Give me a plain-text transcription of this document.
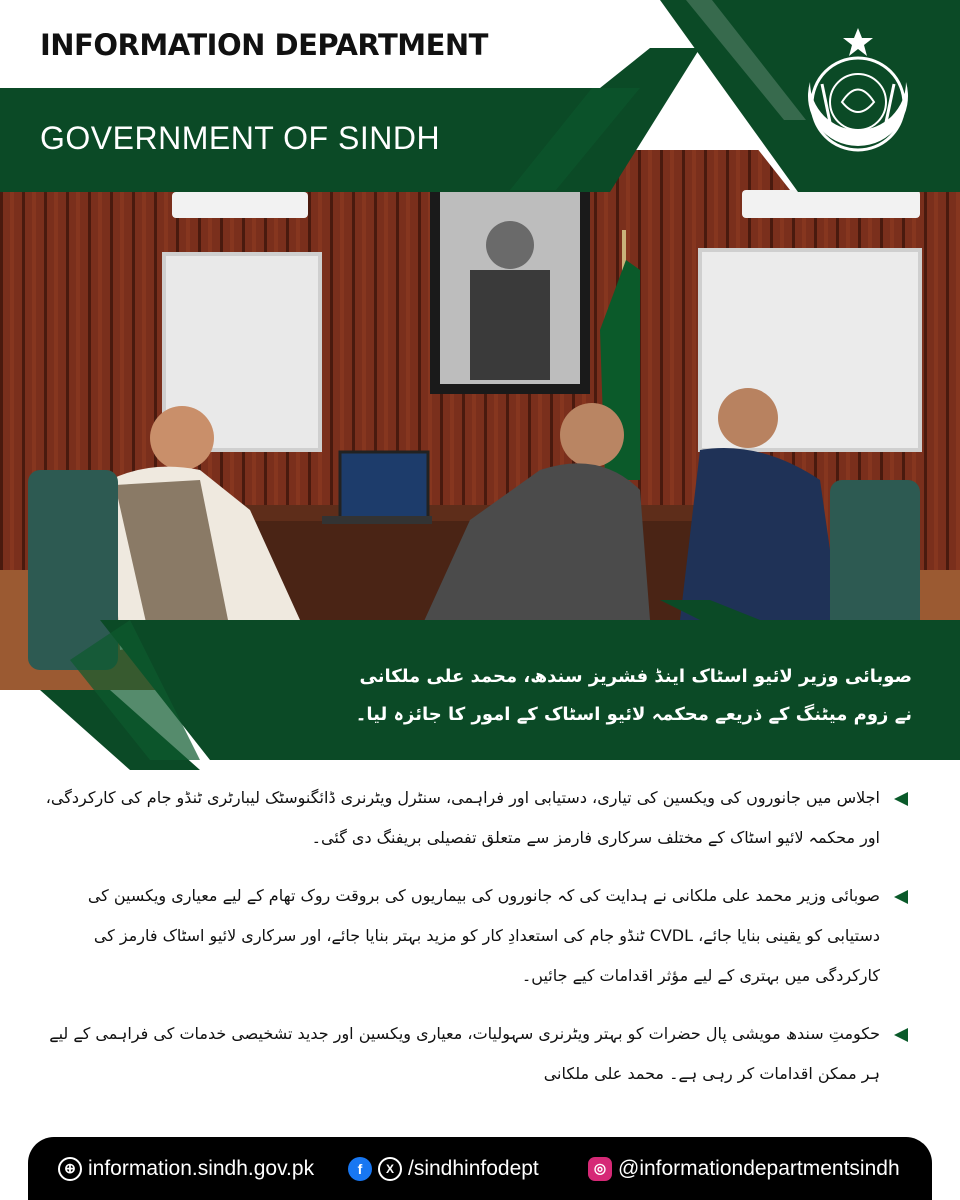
INFORMATION DEPARTMENT
GOVERNMENT OF SINDH
صوبائی وزیر لائیو اسٹاک اینڈ فشریز سندھ، محمد علی ملکانی
نے زوم میٹنگ کے ذریعے محکمہ لائیو اسٹاک کے امور کا جائزہ لیا۔
اجلاس میں جانوروں کی ویکسین کی تیاری، دستیابی اور فراہمی، سنٹرل ویٹرنری ڈائگنوسٹک لیبارٹری ٹنڈو جام کی کارکردگی، اور محکمہ لائیو اسٹاک کے مختلف سرکاری فارمز سے متعلق تفصیلی بریفنگ دی گئی۔
صوبائی وزیر محمد علی ملکانی نے ہدایت کی کہ جانوروں کی بیماریوں کی بروقت روک تھام کے لیے معیاری ویکسین کی دستیابی کو یقینی بنایا جائے، CVDL ٹنڈو جام کی استعدادِ کار کو مزید بہتر بنایا جائے، اور سرکاری لائیو اسٹاک فارمز کی کارکردگی میں بہتری کے لیے مؤثر اقدامات کیے جائیں۔
حکومتِ سندھ مویشی پال حضرات کو بہتر ویٹرنری سہولیات، معیاری ویکسین اور جدید تشخیصی خدمات کی فراہمی کے لیے ہر ممکن اقدامات کر رہی ہے۔ محمد علی ملکانی
⊕ information.sindh.gov.pk	f	X /sindhinfodept	◎ @informationdepartmentsindh
